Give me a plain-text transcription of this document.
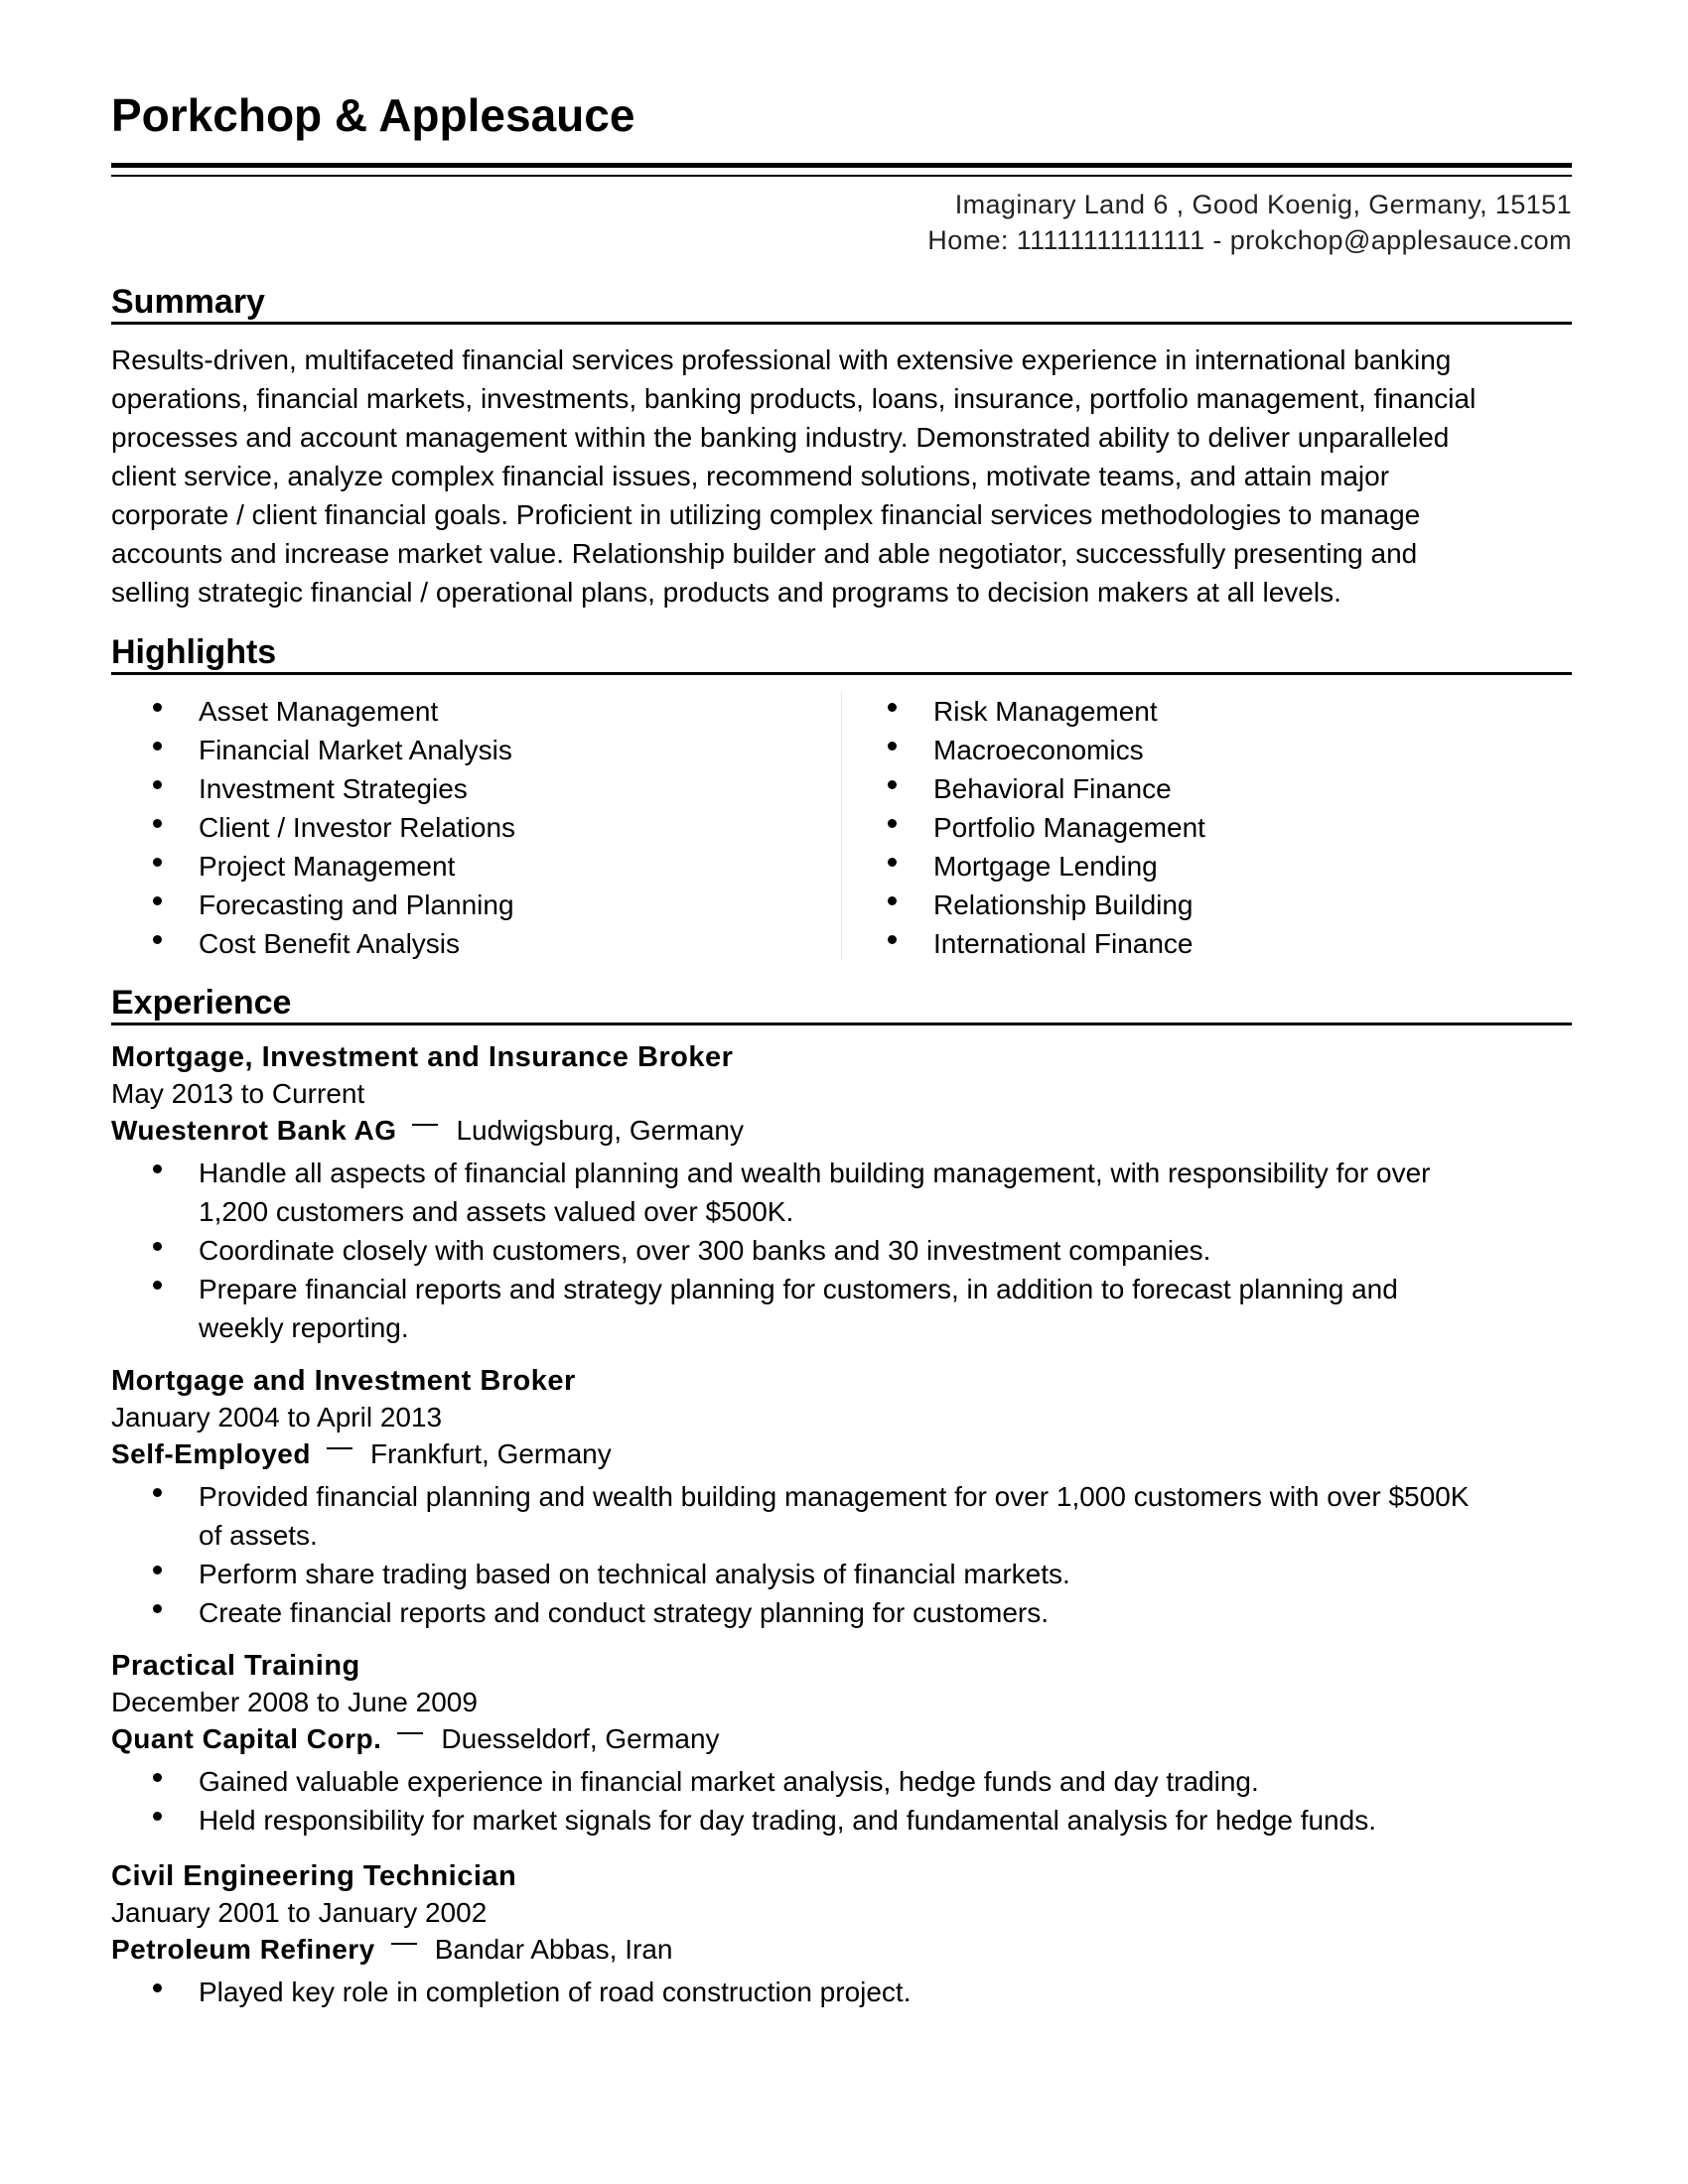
Porkchop & Applesauce
Imaginary Land 6 , Good Koenig, Germany, 15151
Home: 11111111111111 - prokchop@applesauce.com
Summary
Results-driven, multifaceted financial services professional with extensive experience in international banking
operations, financial markets, investments, banking products, loans, insurance, portfolio management, financial
processes and account management within the banking industry. Demonstrated ability to deliver unparalleled
client service, analyze complex financial issues, recommend solutions, motivate teams, and attain major
corporate / client financial goals. Proficient in utilizing complex financial services methodologies to manage
accounts and increase market value. Relationship builder and able negotiator, successfully presenting and
selling strategic financial / operational plans, products and programs to decision makers at all levels.
Highlights
Asset Management
Financial Market Analysis
Investment Strategies
Client / Investor Relations
Project Management
Forecasting and Planning
Cost Benefit Analysis
Risk Management
Macroeconomics
Behavioral Finance
Portfolio Management
Mortgage Lending
Relationship Building
International Finance
Experience
Mortgage, Investment and Insurance Broker
May 2013 to Current
Wuestenrot Bank AG Ludwigsburg, Germany
Handle all aspects of financial planning and wealth building management, with responsibility for over 1,200 customers and assets valued over $500K.
Coordinate closely with customers, over 300 banks and 30 investment companies.
Prepare financial reports and strategy planning for customers, in addition to forecast planning and weekly reporting.
Mortgage and Investment Broker
January 2004 to April 2013
Self-Employed Frankfurt, Germany
Provided financial planning and wealth building management for over 1,000 customers with over $500K of assets.
Perform share trading based on technical analysis of financial markets.
Create financial reports and conduct strategy planning for customers.
Practical Training
December 2008 to June 2009
Quant Capital Corp. Duesseldorf, Germany
Gained valuable experience in financial market analysis, hedge funds and day trading.
Held responsibility for market signals for day trading, and fundamental analysis for hedge funds.
Civil Engineering Technician
January 2001 to January 2002
Petroleum Refinery Bandar Abbas, Iran
Played key role in completion of road construction project.
